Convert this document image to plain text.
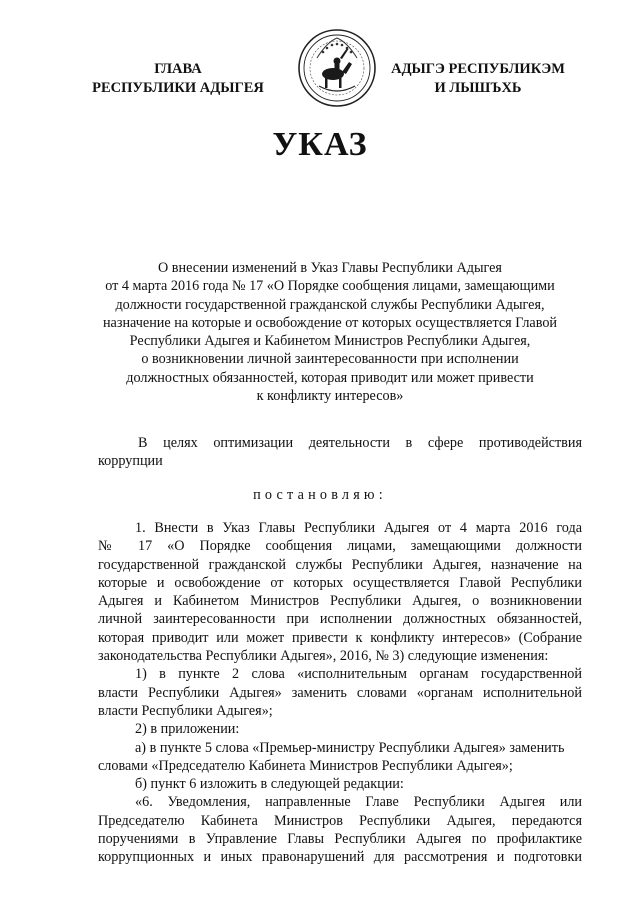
ГЛАВА
РЕСПУБЛИКИ АДЫГЕЯ
АДЫГЭ РЕСПУБЛИКЭМ
И ЛЫШЪХЬ
УКАЗ
О внесении изменений в Указ Главы Республики Адыгея
от 4 марта 2016 года № 17 «О Порядке сообщения лицами, замещающими
должности государственной гражданской службы Республики Адыгея,
назначение на которые и освобождение от которых осуществляется Главой
Республики Адыгея и Кабинетом Министров Республики Адыгея,
о возникновении личной заинтересованности при исполнении
должностных обязанностей, которая приводит или может привести
к конфликту интересов»
В целях оптимизации деятельности в сфере противодействия
коррупции
постановляю:
1. Внести в Указ Главы Республики Адыгея от 4 марта 2016 года
№ 17 «О Порядке сообщения лицами, замещающими должности
государственной гражданской службы Республики Адыгея, назначение на
которые и освобождение от которых осуществляется Главой Республики
Адыгея и Кабинетом Министров Республики Адыгея, о возникновении
личной заинтересованности при исполнении должностных обязанностей,
которая приводит или может привести к конфликту интересов» (Собрание
законодательства Республики Адыгея», 2016, № 3) следующие изменения:
1) в пункте 2 слова «исполнительным органам государственной
власти Республики Адыгея» заменить словами «органам исполнительной
власти Республики Адыгея»;
2) в приложении:
а) в пункте 5 слова «Премьер-министру Республики Адыгея» заменить
словами «Председателю Кабинета Министров Республики Адыгея»;
б) пункт 6 изложить в следующей редакции:
«6. Уведомления, направленные Главе Республики Адыгея или
Председателю Кабинета Министров Республики Адыгея, передаются
поручениями в Управление Главы Республики Адыгея по профилактике
коррупционных и иных правонарушений для рассмотрения и подготовки
